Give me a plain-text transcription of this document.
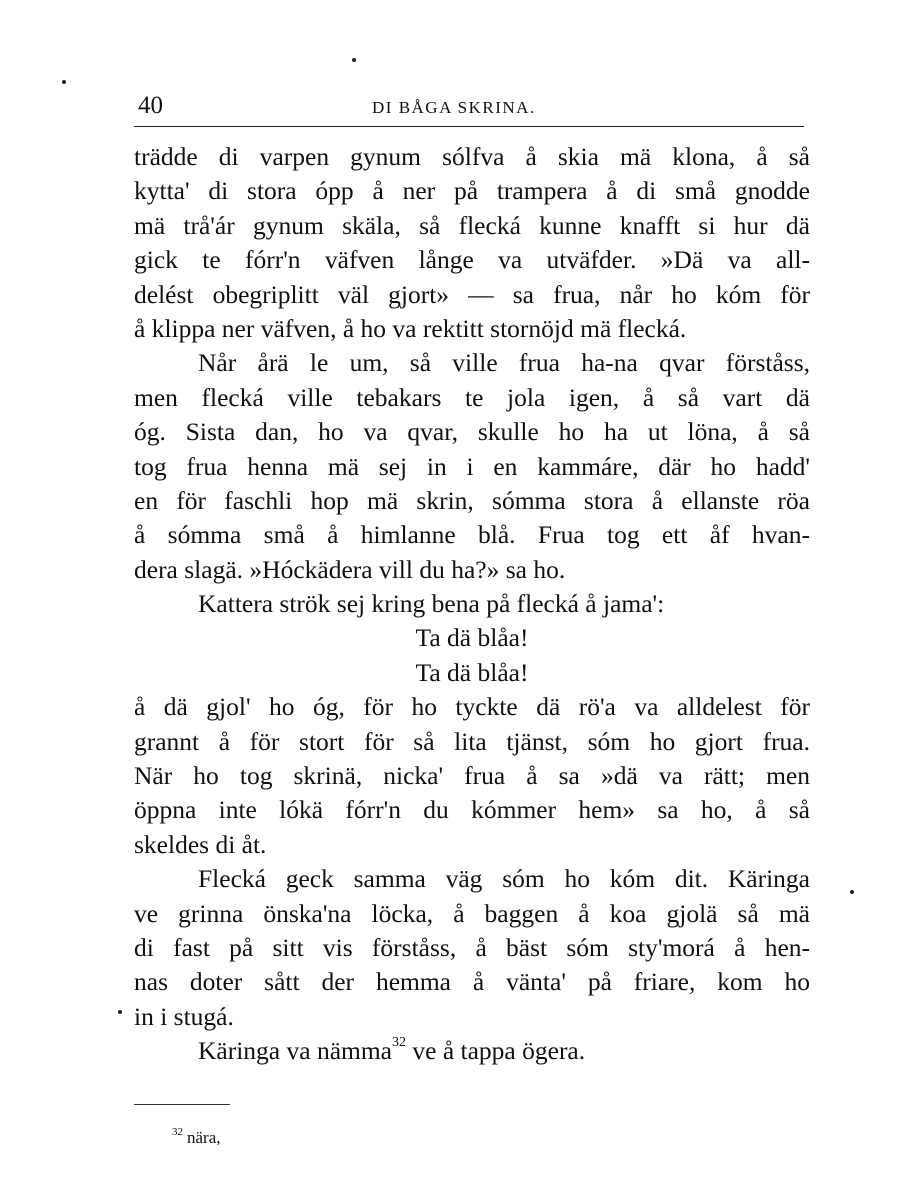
40	DI BÅGA SKRINA.
trädde di varpen gynum sólfva å skia mä klona, å så
kytta' di stora ópp å ner på trampera å di små gnodde
mä trå'ár gynum skäla, så flecká kunne knafft si hur dä
gick te fórr'n väfven långe va utväfder. »Dä va all-
delést obegriplitt väl gjort» — sa frua, når ho kóm för
å klippa ner väfven, å ho va rektitt stornöjd mä flecká.
Når årä le um, så ville frua ha-na qvar förståss,
men flecká ville tebakars te jola igen, å så vart dä
óg. Sista dan, ho va qvar, skulle ho ha ut löna, å så
tog frua henna mä sej in i en kammáre, där ho hadd'
en för faschli hop mä skrin, sómma stora å ellanste röa
å sómma små å himlanne blå. Frua tog ett åf hvan-
dera slagä. »Hóckädera vill du ha?» sa ho.
Kattera strök sej kring bena på flecká å jama':
Ta dä blåa!
Ta dä blåa!
å dä gjol' ho óg, för ho tyckte dä rö'a va alldelest för
grannt å för stort för så lita tjänst, sóm ho gjort frua.
När ho tog skrinä, nicka' frua å sa »dä va rätt; men
öppna inte lókä fórr'n du kómmer hem» sa ho, å så
skeldes di åt.
Flecká geck samma väg sóm ho kóm dit. Käringa
ve grinna önska'na löcka, å baggen å koa gjolä så mä
di fast på sitt vis förståss, å bäst sóm sty'morá å hen-
nas doter sått der hemma å vänta' på friare, kom ho
in i stugá.
Käringa va nämma$^{32}$ ve å tappa ögera.
$^{32}$ nära,
